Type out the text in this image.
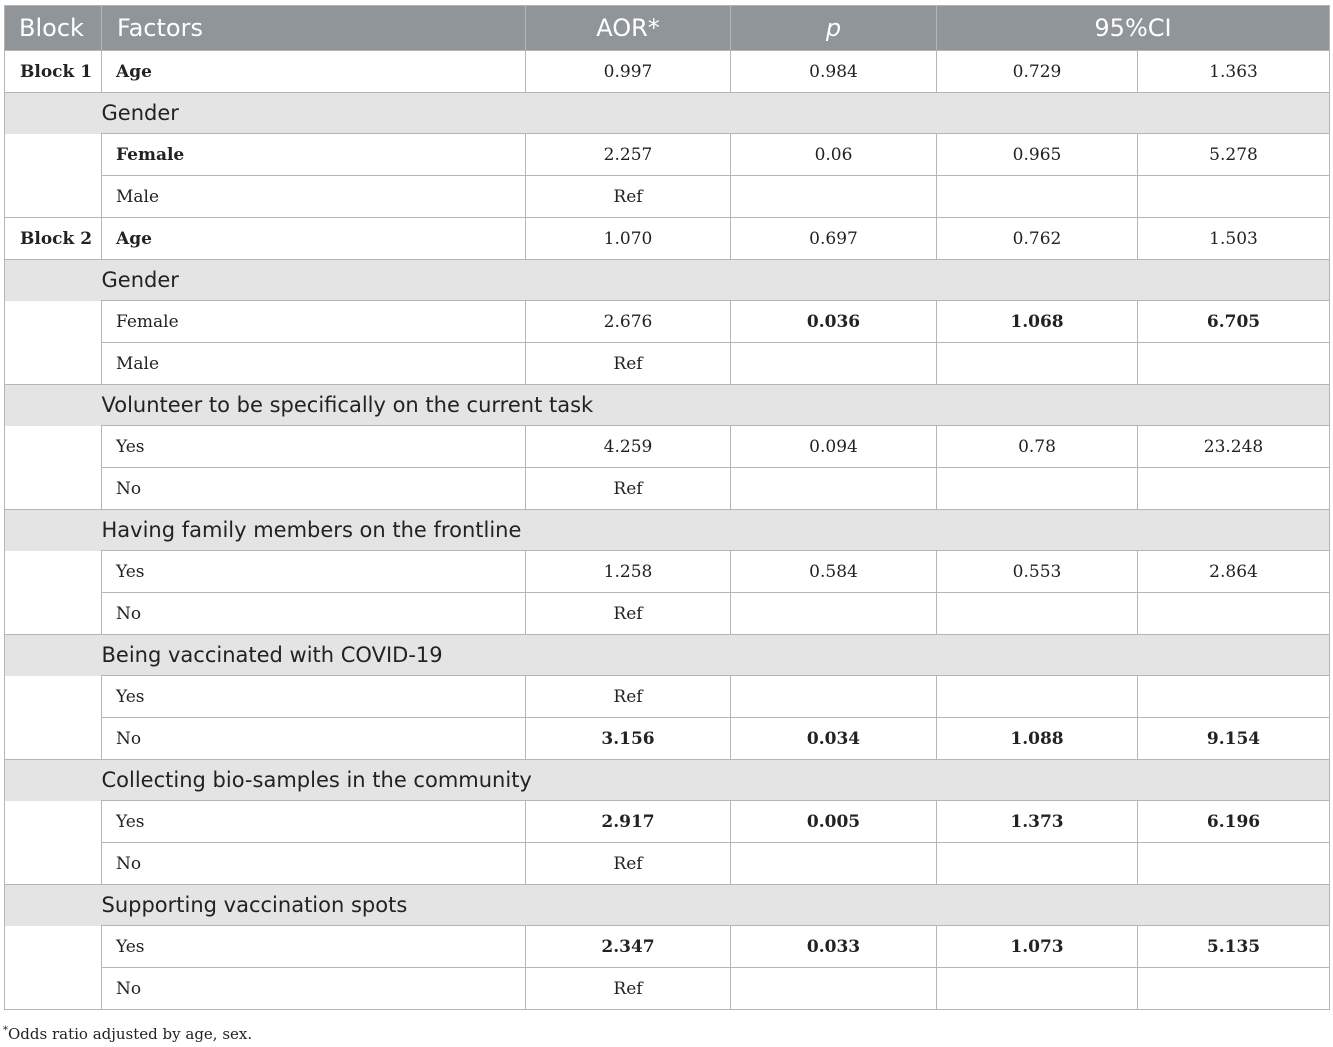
Block	Factors	AOR*	p	95%CI	
Block 1	Age	0.997	0.984	0.729	1.363
	Gender				
	Female	2.257	0.06	0.965	5.278
	Male	Ref			
Block 2	Age	1.070	0.697	0.762	1.503
	Gender				
	Female	2.676	0.036	1.068	6.705
	Male	Ref			
	Volunteer to be specifically on the current task				
	Yes	4.259	0.094	0.78	23.248
	No	Ref			
	Having family members on the frontline				
	Yes	1.258	0.584	0.553	2.864
	No	Ref			
	Being vaccinated with COVID-19				
	Yes	Ref			
	No	3.156	0.034	1.088	9.154
	Collecting bio-samples in the community				
	Yes	2.917	0.005	1.373	6.196
	No	Ref			
	Supporting vaccination spots				
	Yes	2.347	0.033	1.073	5.135
	No	Ref			
*Odds ratio adjusted by age, sex.
